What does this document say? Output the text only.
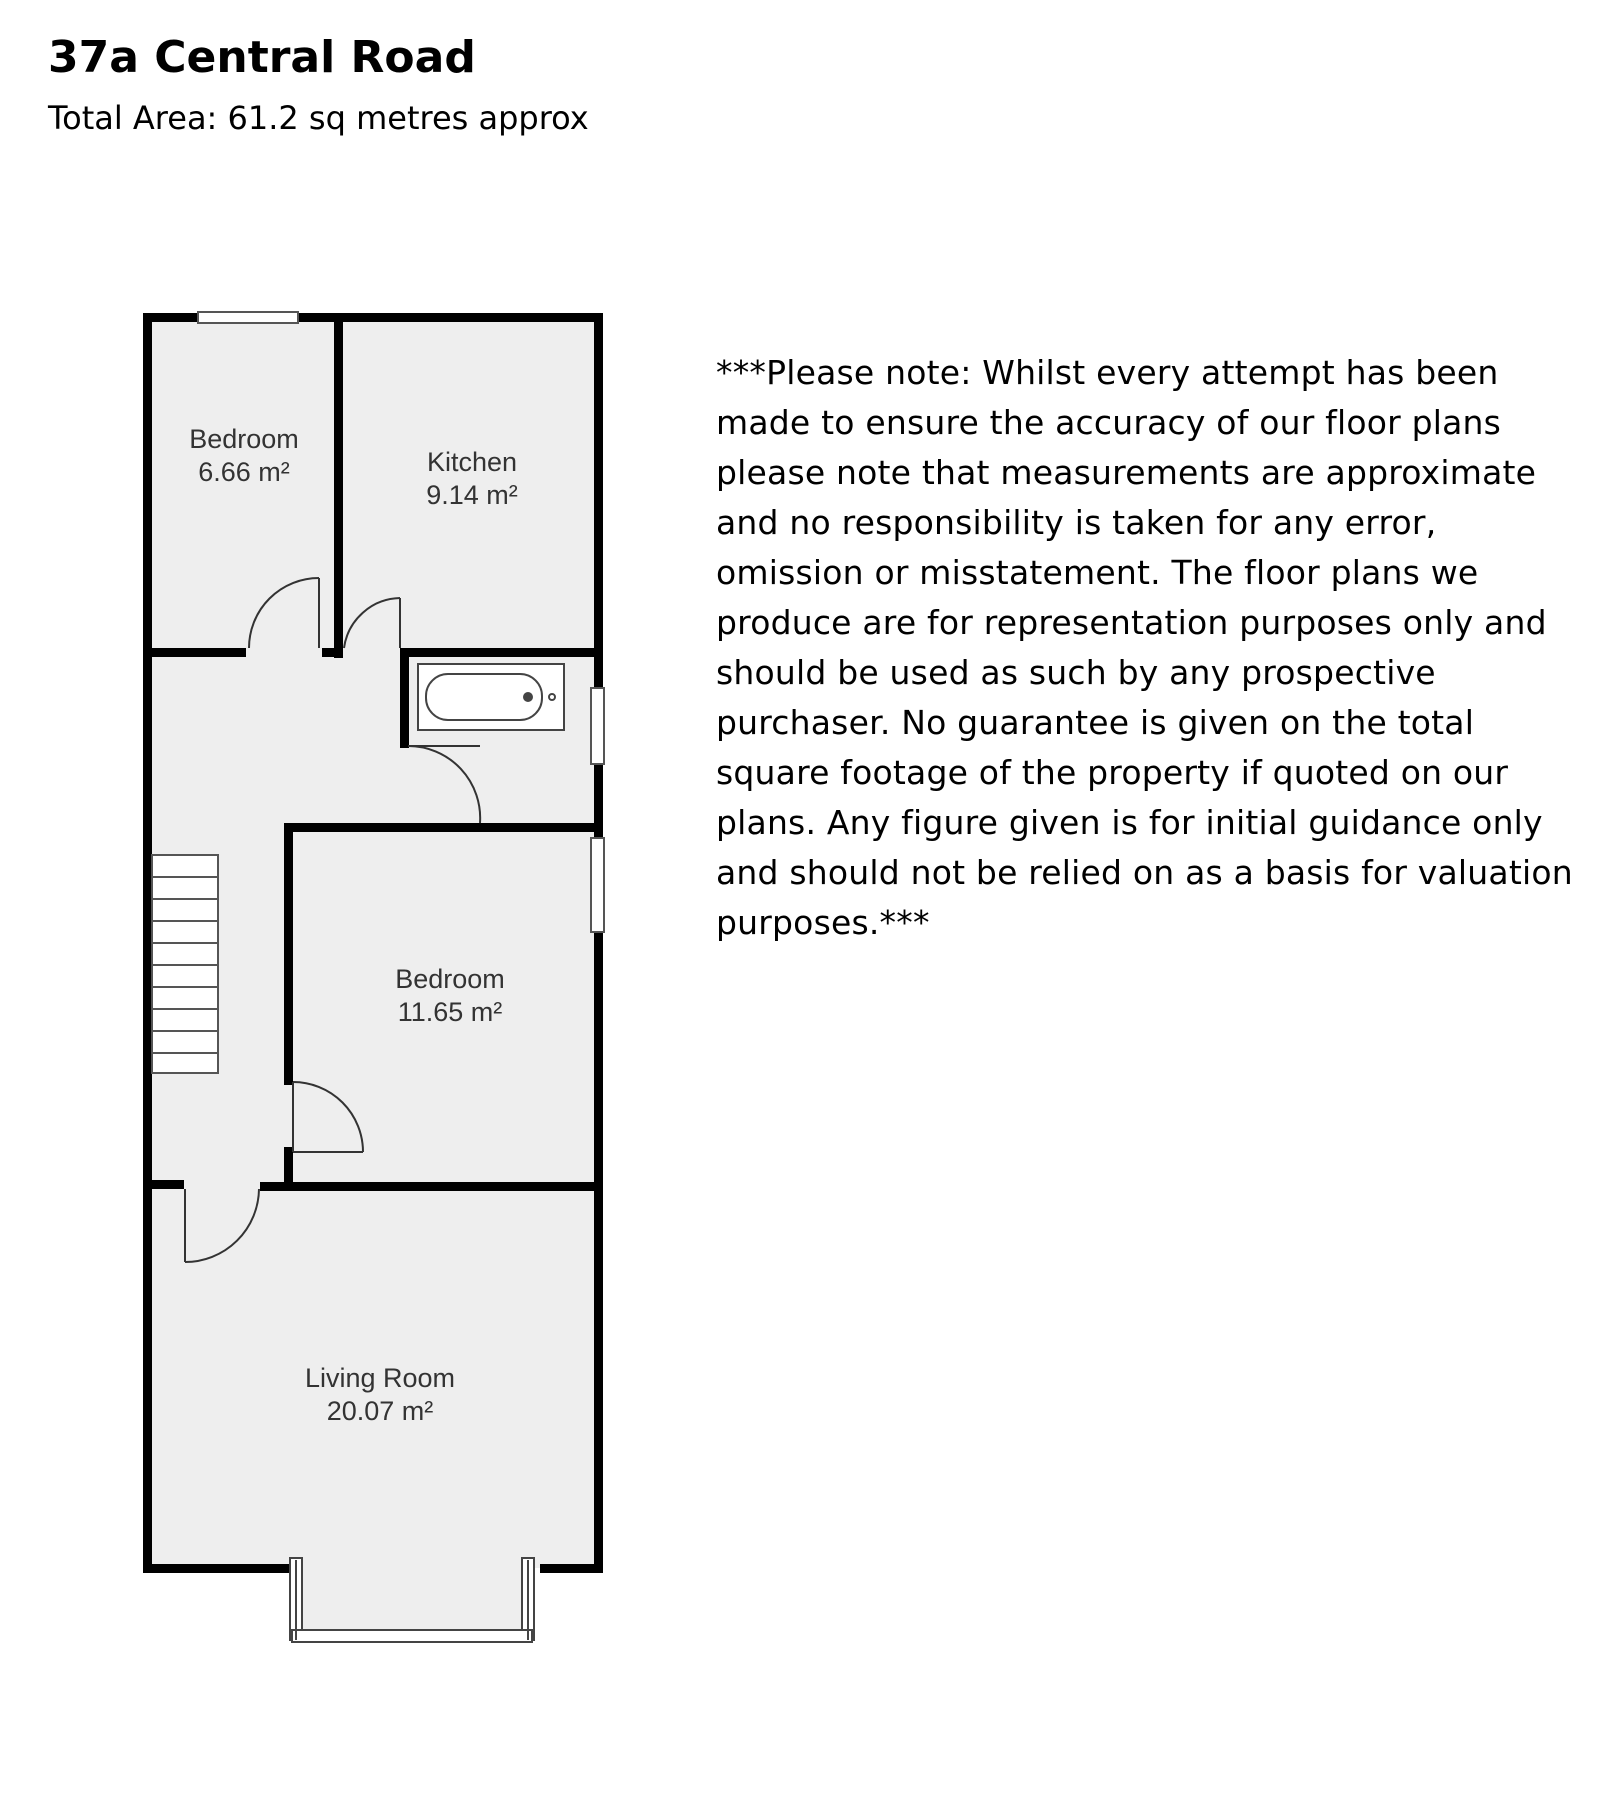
37a Central Road
Total Area: 61.2 sq metres approx
Bedroom
6.66 m²	Kitchen
9.14 m²
Bedroom
11.65 m²
Living Room
20.07 m²
***Please note: Whilst every attempt has been made to ensure the accuracy of our floor plans please note that measurements are approximate and no responsibility is taken for any error, omission or misstatement. The floor plans we produce are for representation purposes only and should be used as such by any prospective purchaser. No guarantee is given on the total square footage of the property if quoted on our plans. Any figure given is for initial guidance only and should not be relied on as a basis for valuation purposes.***
